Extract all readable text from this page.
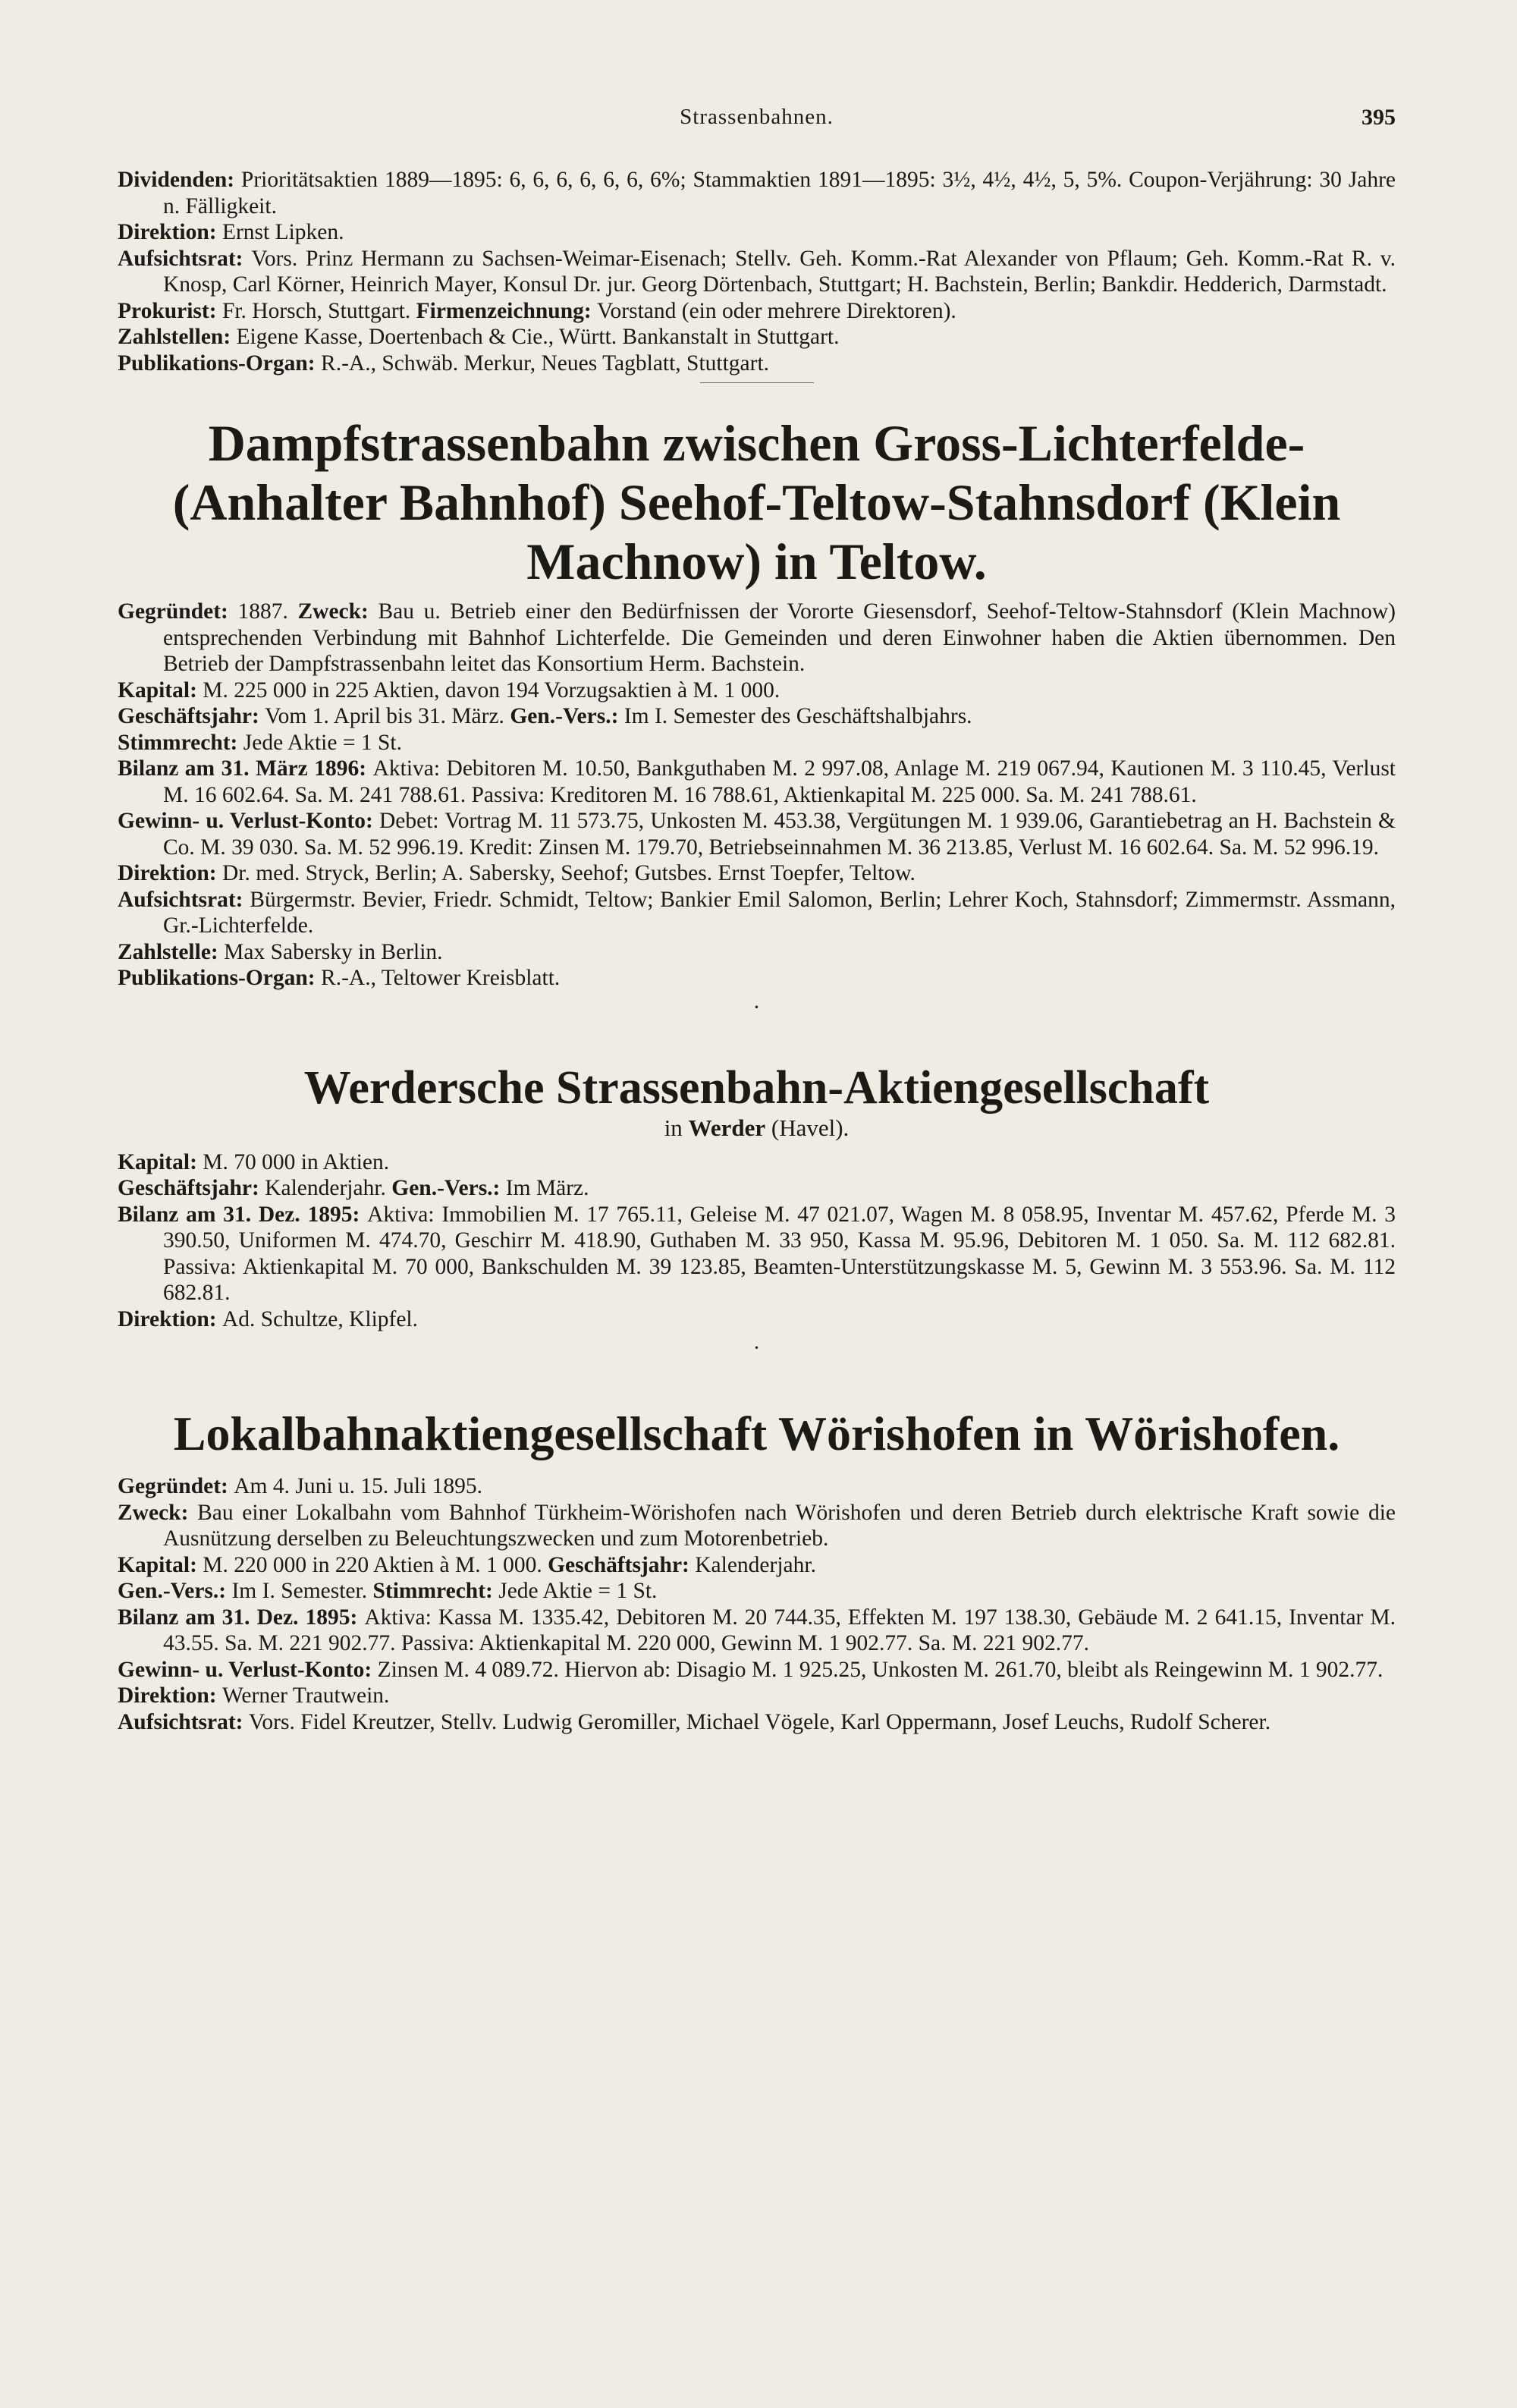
Strassenbahnen.	395

Dividenden: Prioritätsaktien 1889—1895: 6, 6, 6, 6, 6, 6, 6%; Stammaktien 1891—1895: 3½, 4½, 4½, 5, 5%. Coupon-Verjährung: 30 Jahre n. Fälligkeit.

Direktion: Ernst Lipken.

Aufsichtsrat: Vors. Prinz Hermann zu Sachsen-Weimar-Eisenach; Stellv. Geh. Komm.-Rat Alexander von Pflaum; Geh. Komm.-Rat R. v. Knosp, Carl Körner, Heinrich Mayer, Konsul Dr. jur. Georg Dörtenbach, Stuttgart; H. Bachstein, Berlin; Bankdir. Hedderich, Darmstadt.

Prokurist: Fr. Horsch, Stuttgart. Firmenzeichnung: Vorstand (ein oder mehrere Direktoren).

Zahlstellen: Eigene Kasse, Doertenbach & Cie., Württ. Bankanstalt in Stuttgart.

Publikations-Organ: R.-A., Schwäb. Merkur, Neues Tagblatt, Stuttgart.

Dampfstrassenbahn zwischen Gross-Lichterfelde- (Anhalter Bahnhof) Seehof-Teltow-Stahnsdorf (Klein Machnow) in Teltow.

Gegründet: 1887. Zweck: Bau u. Betrieb einer den Bedürfnissen der Vororte Giesensdorf, Seehof-Teltow-Stahnsdorf (Klein Machnow) entsprechenden Verbindung mit Bahnhof Lichterfelde. Die Gemeinden und deren Einwohner haben die Aktien übernommen. Den Betrieb der Dampfstrassenbahn leitet das Konsortium Herm. Bachstein.

Kapital: M. 225 000 in 225 Aktien, davon 194 Vorzugsaktien à M. 1 000.

Geschäftsjahr: Vom 1. April bis 31. März. Gen.-Vers.: Im I. Semester des Geschäftshalbjahrs.

Stimmrecht: Jede Aktie = 1 St.

Bilanz am 31. März 1896: Aktiva: Debitoren M. 10.50, Bankguthaben M. 2 997.08, Anlage M. 219 067.94, Kautionen M. 3 110.45, Verlust M. 16 602.64. Sa. M. 241 788.61. Passiva: Kreditoren M. 16 788.61, Aktienkapital M. 225 000. Sa. M. 241 788.61.

Gewinn- u. Verlust-Konto: Debet: Vortrag M. 11 573.75, Unkosten M. 453.38, Vergütungen M. 1 939.06, Garantiebetrag an H. Bachstein & Co. M. 39 030. Sa. M. 52 996.19. Kredit: Zinsen M. 179.70, Betriebseinnahmen M. 36 213.85, Verlust M. 16 602.64. Sa. M. 52 996.19.

Direktion: Dr. med. Stryck, Berlin; A. Sabersky, Seehof; Gutsbes. Ernst Toepfer, Teltow.

Aufsichtsrat: Bürgermstr. Bevier, Friedr. Schmidt, Teltow; Bankier Emil Salomon, Berlin; Lehrer Koch, Stahnsdorf; Zimmermstr. Assmann, Gr.-Lichterfelde.

Zahlstelle: Max Sabersky in Berlin.

Publikations-Organ: R.-A., Teltower Kreisblatt.

·
Werdersche Strassenbahn-Aktiengesellschaft
in Werder (Havel).

Kapital: M. 70 000 in Aktien.

Geschäftsjahr: Kalenderjahr. Gen.-Vers.: Im März.

Bilanz am 31. Dez. 1895: Aktiva: Immobilien M. 17 765.11, Geleise M. 47 021.07, Wagen M. 8 058.95, Inventar M. 457.62, Pferde M. 3 390.50, Uniformen M. 474.70, Geschirr M. 418.90, Guthaben M. 33 950, Kassa M. 95.96, Debitoren M. 1 050. Sa. M. 112 682.81. Passiva: Aktienkapital M. 70 000, Bankschulden M. 39 123.85, Beamten-Unterstützungskasse M. 5, Gewinn M. 3 553.96. Sa. M. 112 682.81.

Direktion: Ad. Schultze, Klipfel.

·
Lokalbahnaktiengesellschaft Wörishofen in Wörishofen.

Gegründet: Am 4. Juni u. 15. Juli 1895.

Zweck: Bau einer Lokalbahn vom Bahnhof Türkheim-Wörishofen nach Wörishofen und deren Betrieb durch elektrische Kraft sowie die Ausnützung derselben zu Beleuchtungszwecken und zum Motorenbetrieb.

Kapital: M. 220 000 in 220 Aktien à M. 1 000. Geschäftsjahr: Kalenderjahr.

Gen.-Vers.: Im I. Semester. Stimmrecht: Jede Aktie = 1 St.

Bilanz am 31. Dez. 1895: Aktiva: Kassa M. 1335.42, Debitoren M. 20 744.35, Effekten M. 197 138.30, Gebäude M. 2 641.15, Inventar M. 43.55. Sa. M. 221 902.77. Passiva: Aktienkapital M. 220 000, Gewinn M. 1 902.77. Sa. M. 221 902.77.

Gewinn- u. Verlust-Konto: Zinsen M. 4 089.72. Hiervon ab: Disagio M. 1 925.25, Unkosten M. 261.70, bleibt als Reingewinn M. 1 902.77.

Direktion: Werner Trautwein.

Aufsichtsrat: Vors. Fidel Kreutzer, Stellv. Ludwig Geromiller, Michael Vögele, Karl Oppermann, Josef Leuchs, Rudolf Scherer.
